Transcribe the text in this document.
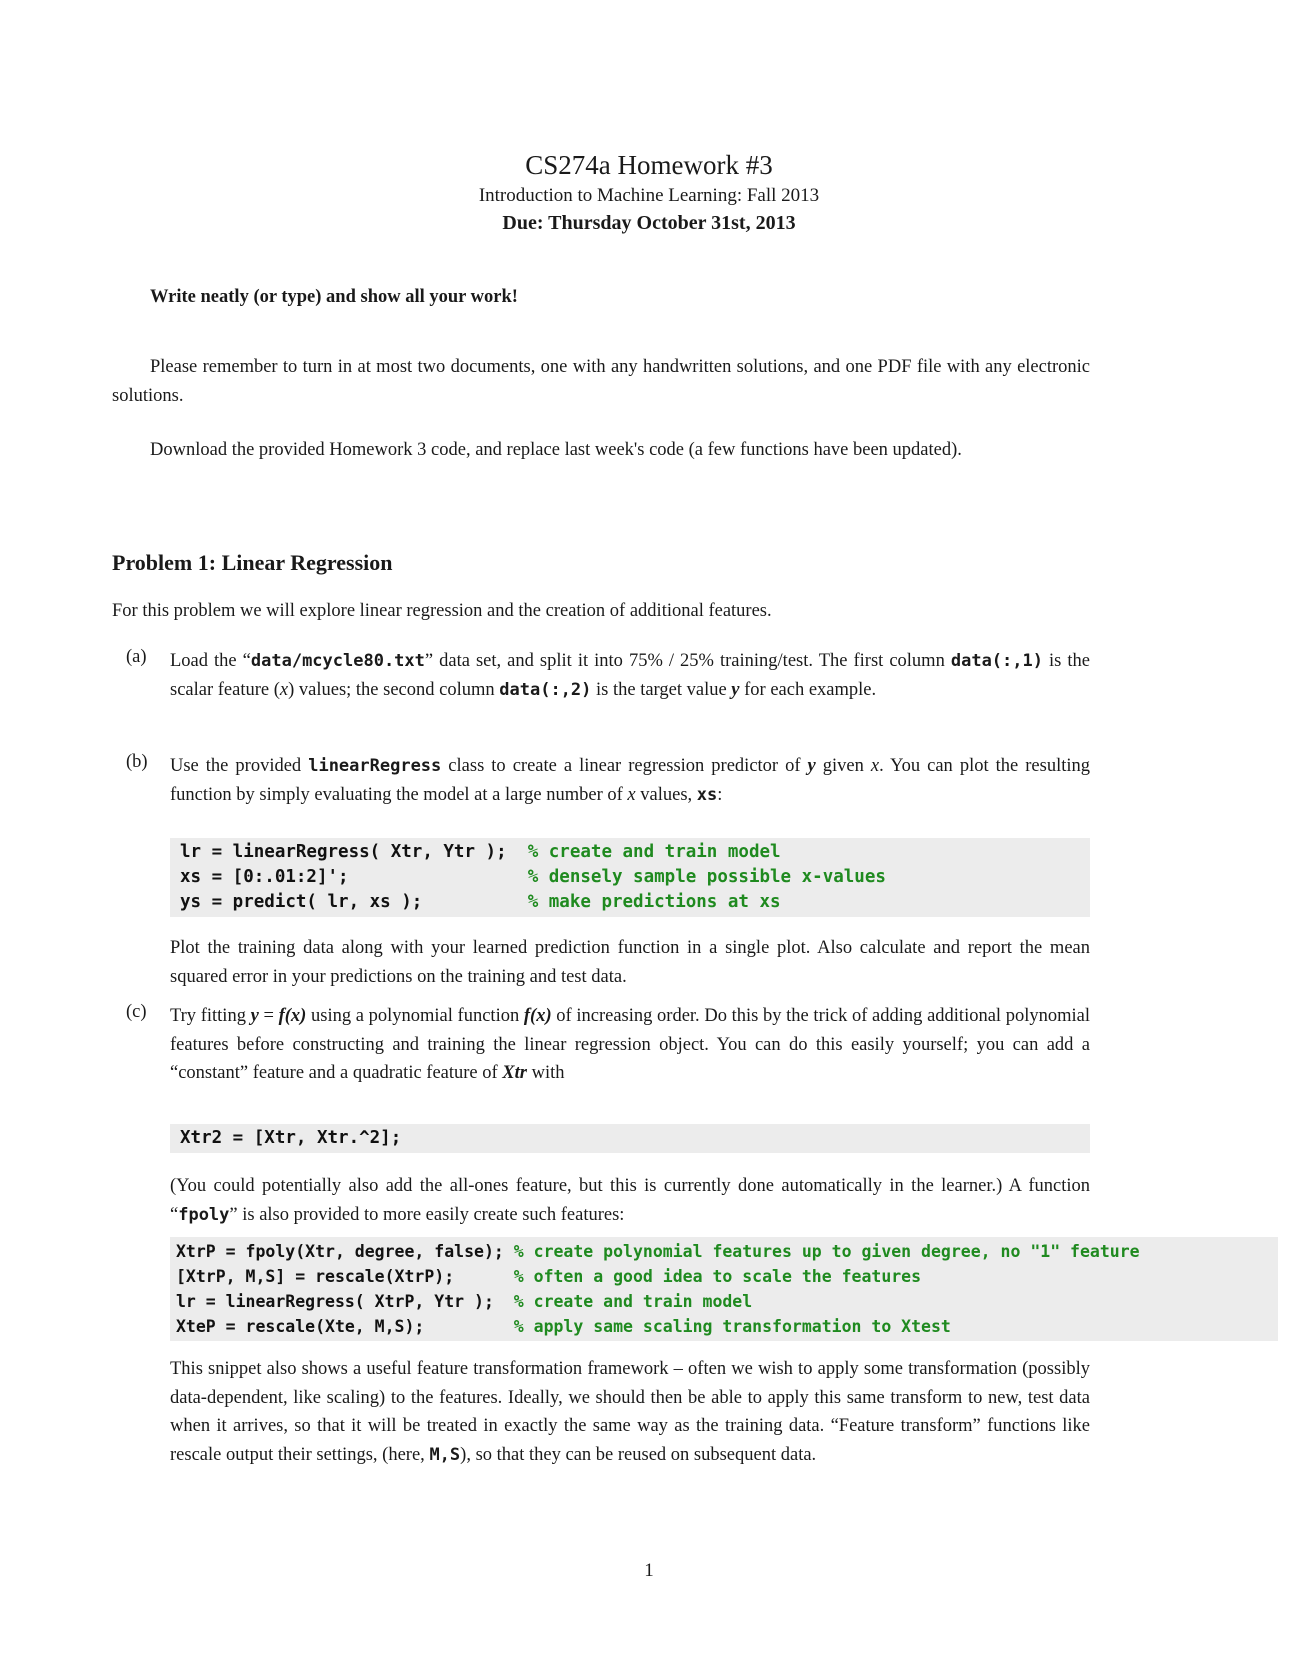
CS274a Homework #3
Introduction to Machine Learning: Fall 2013
Due: Thursday October 31st, 2013
Write neatly (or type) and show all your work!
Please remember to turn in at most two documents, one with any handwritten solutions, and one PDF file with any electronic solutions.
Download the provided Homework 3 code, and replace last week's code (a few functions have been updated).
Problem 1: Linear Regression
For this problem we will explore linear regression and the creation of additional features.
(a) Load the “data/mcycle80.txt” data set, and split it into 75% / 25% training/test. The first column data(:,1) is the scalar feature (x) values; the second column data(:,2) is the target value y for each example.
(b) Use the provided linearRegress class to create a linear regression predictor of y given x. You can plot the resulting function by simply evaluating the model at a large number of x values, xs:
lr = linearRegress( Xtr, Ytr );  % create and train model
xs = [0:.01:2]';                 % densely sample possible x-values
ys = predict( lr, xs );          % make predictions at xs
Plot the training data along with your learned prediction function in a single plot. Also calculate and report the mean squared error in your predictions on the training and test data.
(c) Try fitting y = f(x) using a polynomial function f(x) of increasing order. Do this by the trick of adding additional polynomial features before constructing and training the linear regression object. You can do this easily yourself; you can add a “constant” feature and a quadratic feature of Xtr with
Xtr2 = [Xtr, Xtr.^2];
(You could potentially also add the all-ones feature, but this is currently done automatically in the learner.) A function “fpoly” is also provided to more easily create such features:
XtrP = fpoly(Xtr, degree, false); % create polynomial features up to given degree, no "1" feature
[XtrP, M,S] = rescale(XtrP);      % often a good idea to scale the features
lr = linearRegress( XtrP, Ytr );  % create and train model
XteP = rescale(Xte, M,S);         % apply same scaling transformation to Xtest
This snippet also shows a useful feature transformation framework – often we wish to apply some transformation (possibly data-dependent, like scaling) to the features. Ideally, we should then be able to apply this same transform to new, test data when it arrives, so that it will be treated in exactly the same way as the training data. “Feature transform” functions like rescale output their settings, (here, M,S), so that they can be reused on subsequent data.
1
